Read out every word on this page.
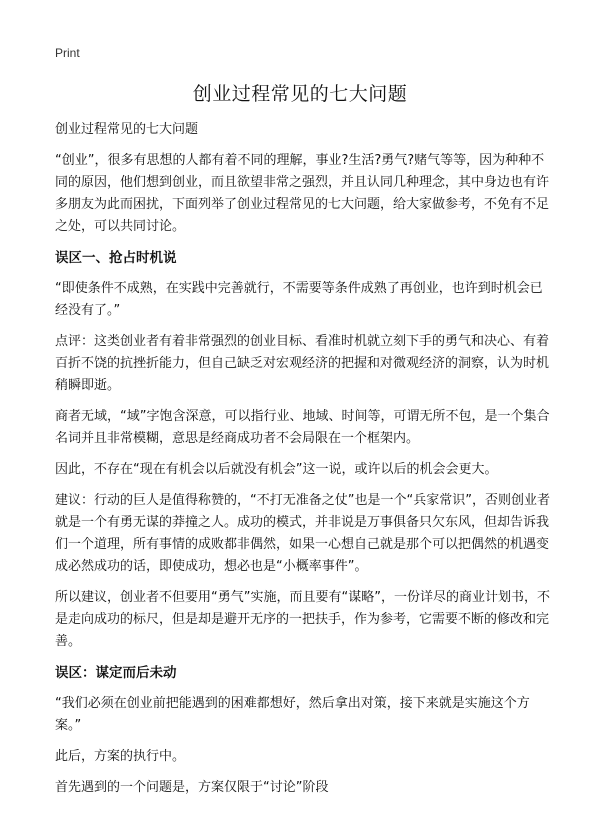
Print
创业过程常见的七大问题

创业过程常见的七大问题

“创业”，很多有思想的人都有着不同的理解，事业?生活?勇气?赌气等等，因为种种不同的原因，他们想到创业，而且欲望非常之强烈，并且认同几种理念，其中身边也有许多朋友为此而困扰，下面列举了创业过程常见的七大问题，给大家做参考，不免有不足之处，可以共同讨论。

误区一、抢占时机说

“即使条件不成熟，在实践中完善就行，不需要等条件成熟了再创业，也许到时机会已经没有了。”

点评：这类创业者有着非常强烈的创业目标、看准时机就立刻下手的勇气和决心、有着百折不饶的抗挫折能力，但自己缺乏对宏观经济的把握和对微观经济的洞察，认为时机稍瞬即逝。

商者无域，“域”字饱含深意，可以指行业、地域、时间等，可谓无所不包，是一个集合名词并且非常模糊，意思是经商成功者不会局限在一个框架内。

因此，不存在“现在有机会以后就没有机会”这一说，或许以后的机会会更大。

建议：行动的巨人是值得称赞的，“不打无准备之仗”也是一个“兵家常识”，否则创业者就是一个有勇无谋的莽撞之人。成功的模式，并非说是万事俱备只欠东风，但却告诉我们一个道理，所有事情的成败都非偶然，如果一心想自己就是那个可以把偶然的机遇变成必然成功的话，即使成功，想必也是“小概率事件”。

所以建议，创业者不但要用“勇气”实施，而且要有“谋略”，一份详尽的商业计划书，不是走向成功的标尺，但是却是避开无序的一把扶手，作为参考，它需要不断的修改和完善。

误区：谋定而后未动

“我们必须在创业前把能遇到的困难都想好，然后拿出对策，接下来就是实施这个方案。”

此后，方案的执行中。

首先遇到的一个问题是，方案仅限于“讨论”阶段
